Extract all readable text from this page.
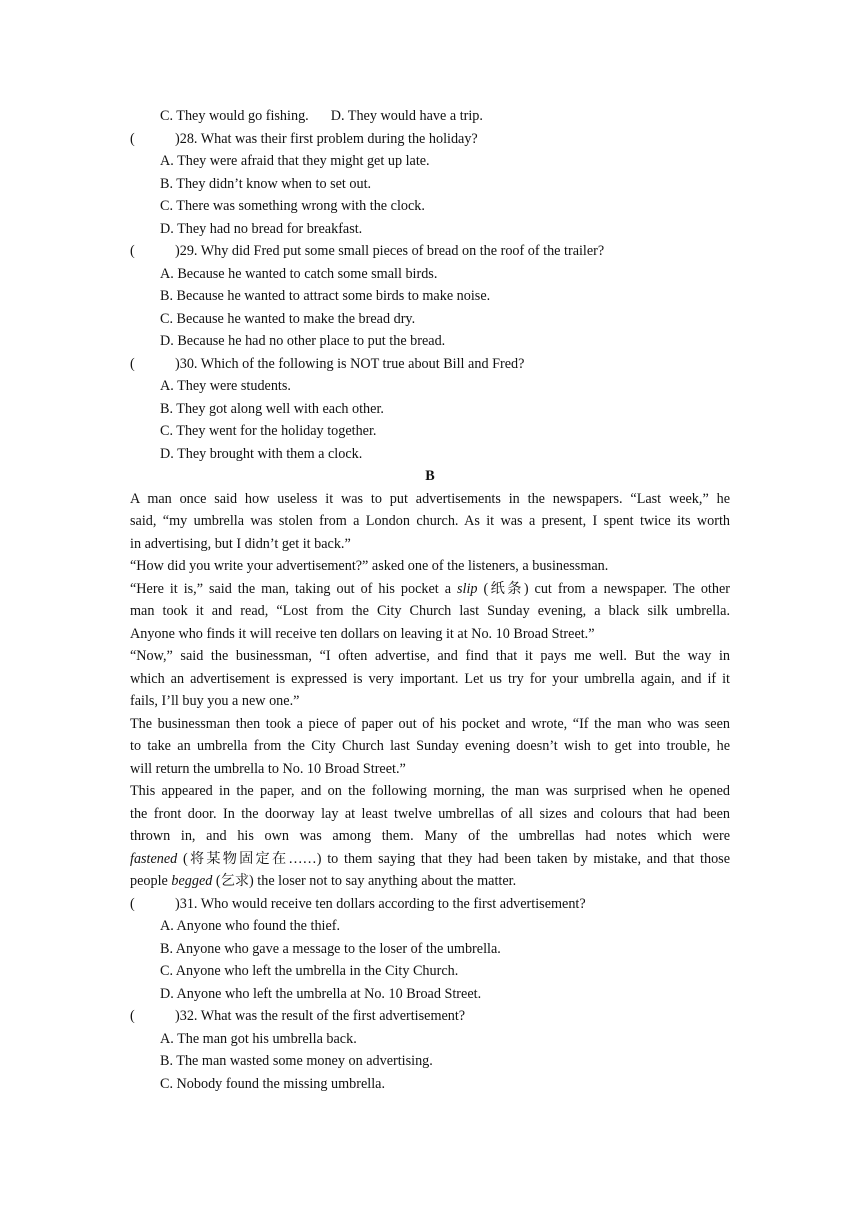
C. They would go fishing. D. They would have a trip.
(	)28. What was their first problem during the holiday?
A. They were afraid that they might get up late.
B. They didn’t know when to set out.
C. There was something wrong with the clock.
D. They had no bread for breakfast.
(	)29. Why did Fred put some small pieces of bread on the roof of the trailer?
A. Because he wanted to catch some small birds.
B. Because he wanted to attract some birds to make noise.
C. Because he wanted to make the bread dry.
D. Because he had no other place to put the bread.
(	)30. Which of the following is NOT true about Bill and Fred?
A. They were students.
B. They got along well with each other.
C. They went for the holiday together.
D. They brought with them a clock.
B
A man once said how useless it was to put advertisements in the newspapers. “Last week,” he
said, “my umbrella was stolen from a London church. As it was a present, I spent twice its worth
in advertising, but I didn’t get it back.”
“How did you write your advertisement?” asked one of the listeners, a businessman.
“Here it is,” said the man, taking out of his pocket a slip (纸条) cut from a newspaper. The other
man took it and read, “Lost from the City Church last Sunday evening, a black silk umbrella.
Anyone who finds it will receive ten dollars on leaving it at No. 10 Broad Street.”
“Now,” said the businessman, “I often advertise, and find that it pays me well. But the way in
which an advertisement is expressed is very important. Let us try for your umbrella again, and if it
fails, I’ll buy you a new one.”
The businessman then took a piece of paper out of his pocket and wrote, “If the man who was seen
to take an umbrella from the City Church last Sunday evening doesn’t wish to get into trouble, he
will return the umbrella to No. 10 Broad Street.”
This appeared in the paper, and on the following morning, the man was surprised when he opened
the front door. In the doorway lay at least twelve umbrellas of all sizes and colours that had been
thrown in, and his own was among them. Many of the umbrellas had notes which were
fastened (将某物固定在……) to them saying that they had been taken by mistake, and that those
people begged (乞求) the loser not to say anything about the matter.
(	)31. Who would receive ten dollars according to the first advertisement?
A. Anyone who found the thief.
B. Anyone who gave a message to the loser of the umbrella.
C. Anyone who left the umbrella in the City Church.
D. Anyone who left the umbrella at No. 10 Broad Street.
(	)32. What was the result of the first advertisement?
A. The man got his umbrella back.
B. The man wasted some money on advertising.
C. Nobody found the missing umbrella.
